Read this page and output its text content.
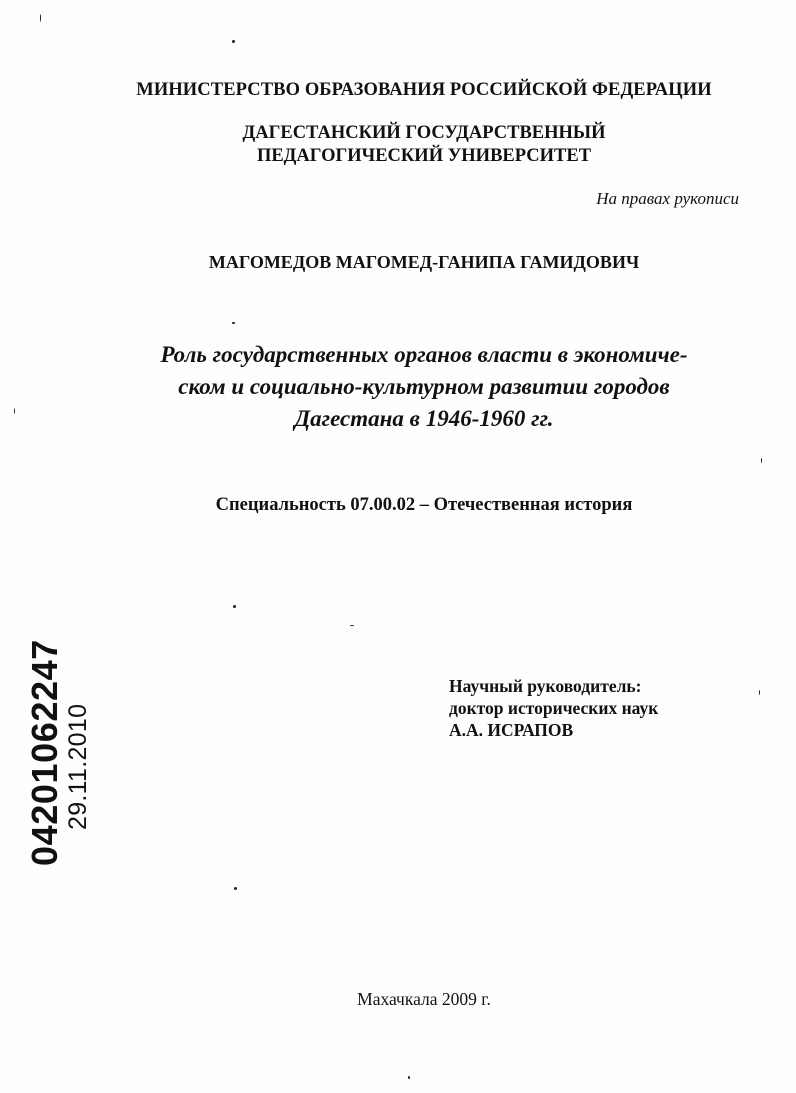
МИНИСТЕРСТВО ОБРАЗОВАНИЯ РОССИЙСКОЙ ФЕДЕРАЦИИ
ДАГЕСТАНСКИЙ ГОСУДАРСТВЕННЫЙ
ПЕДАГОГИЧЕСКИЙ УНИВЕРСИТЕТ
На правах рукописи
МАГОМЕДОВ МАГОМЕД-ГАНИПА ГАМИДОВИЧ
Роль государственных органов власти в экономиче-
ском и социально-культурном развитии городов
Дагестана в 1946-1960 гг.
Специальность 07.00.02 – Отечественная история
Научный руководитель:
доктор исторических наук
А.А. ИСРАПОВ
04201062247 29.11.2010
Махачкала 2009 г.
